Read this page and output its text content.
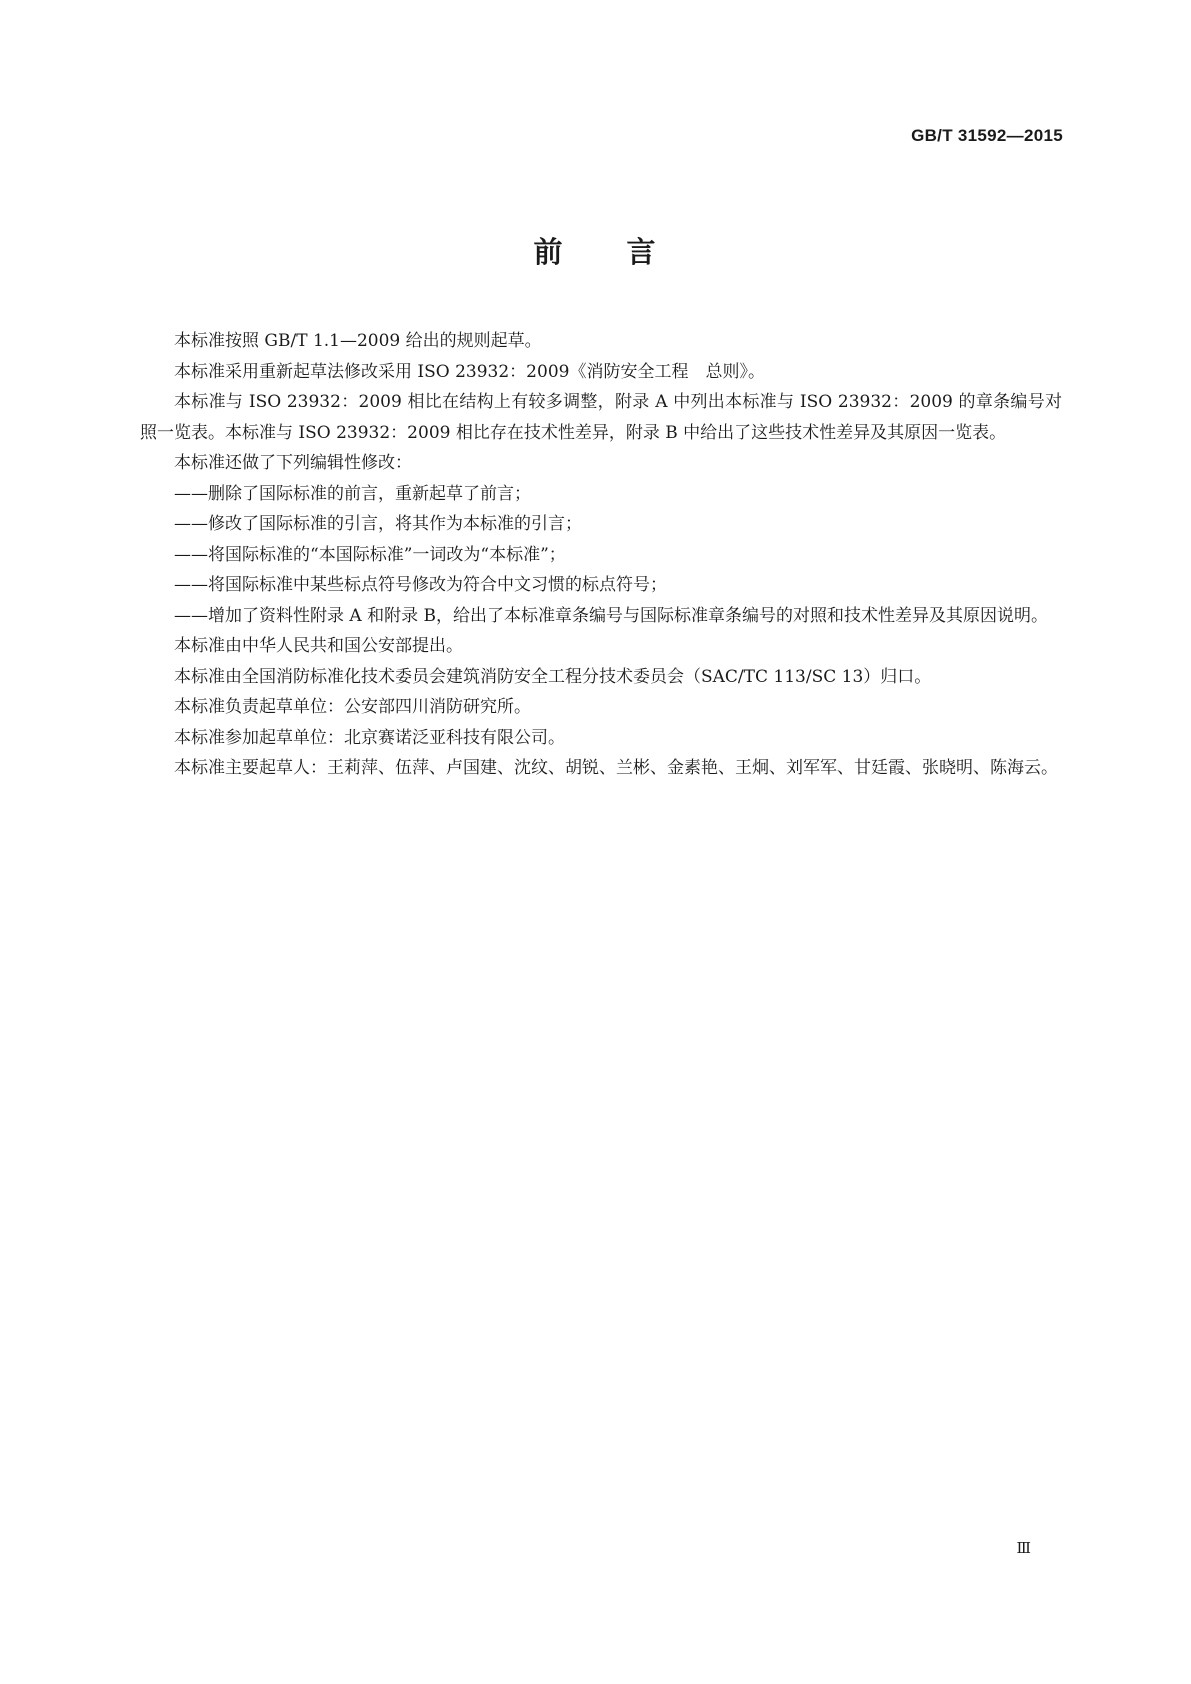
GB/T 31592—2015
前 言

本标准按照 GB/T 1.1—2009 给出的规则起草。

本标准采用重新起草法修改采用 ISO 23932：2009《消防安全工程　总则》。

本标准与 ISO 23932：2009 相比在结构上有较多调整，附录 A 中列出本标准与 ISO 23932：2009 的章条编号对照一览表。本标准与 ISO 23932：2009 相比存在技术性差异，附录 B 中给出了这些技术性差异及其原因一览表。

本标准还做了下列编辑性修改：

——删除了国际标准的前言，重新起草了前言；

——修改了国际标准的引言，将其作为本标准的引言；

——将国际标准的“本国际标准”一词改为“本标准”；

——将国际标准中某些标点符号修改为符合中文习惯的标点符号；

——增加了资料性附录 A 和附录 B，给出了本标准章条编号与国际标准章条编号的对照和技术性差异及其原因说明。

本标准由中华人民共和国公安部提出。

本标准由全国消防标准化技术委员会建筑消防安全工程分技术委员会（SAC/TC 113/SC 13）归口。

本标准负责起草单位：公安部四川消防研究所。

本标准参加起草单位：北京赛诺泛亚科技有限公司。

本标准主要起草人：王莉萍、伍萍、卢国建、沈纹、胡锐、兰彬、金素艳、王炯、刘军军、甘廷霞、张晓明、陈海云。

Ⅲ
